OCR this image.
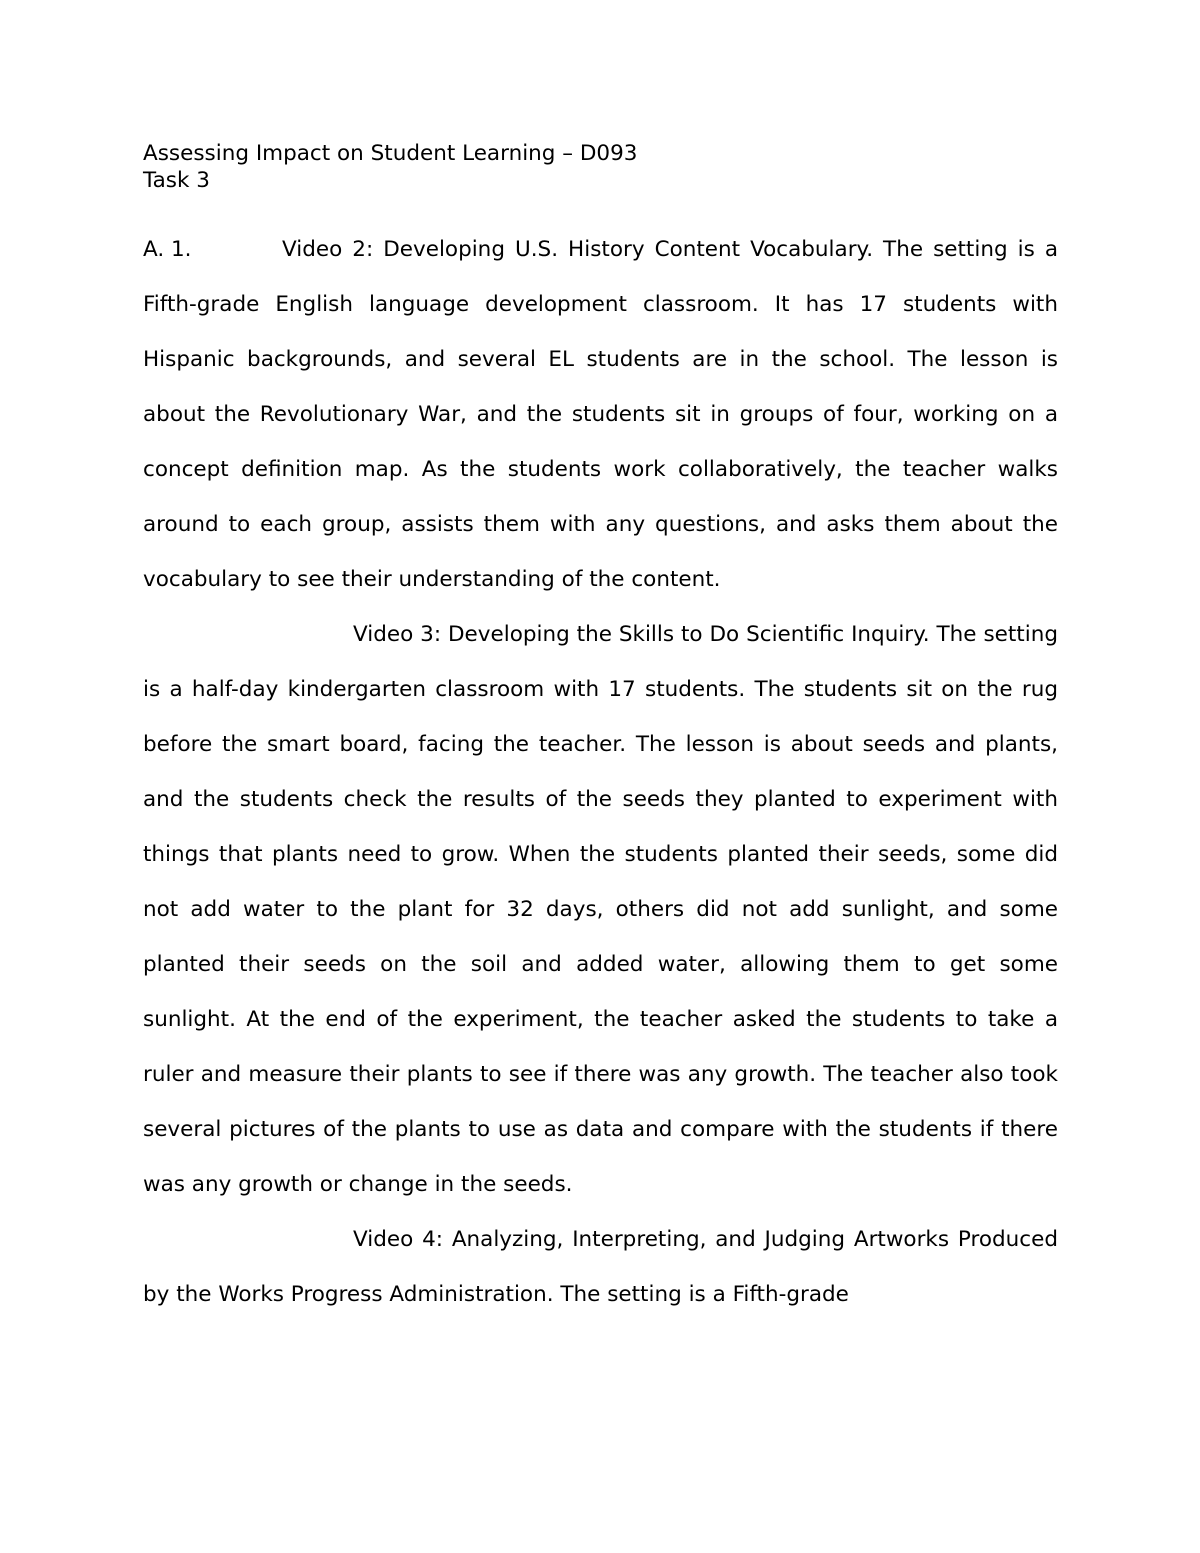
Assessing Impact on Student Learning – D093
Task 3

A. 1.	Video 2: Developing U.S. History Content Vocabulary. The setting is a Fifth-grade English language development classroom. It has 17 students with Hispanic backgrounds, and several EL students are in the school. The lesson is about the Revolutionary War, and the students sit in groups of four, working on a concept definition map. As the students work collaboratively, the teacher walks around to each group, assists them with any questions, and asks them about the vocabulary to see their understanding of the content.

Video 3: Developing the Skills to Do Scientific Inquiry. The setting is a half-day kindergarten classroom with 17 students. The students sit on the rug before the smart board, facing the teacher. The lesson is about seeds and plants, and the students check the results of the seeds they planted to experiment with things that plants need to grow. When the students planted their seeds, some did not add water to the plant for 32 days, others did not add sunlight, and some planted their seeds on the soil and added water, allowing them to get some sunlight. At the end of the experiment, the teacher asked the students to take a ruler and measure their plants to see if there was any growth. The teacher also took several pictures of the plants to use as data and compare with the students if there was any growth or change in the seeds.

Video 4: Analyzing, Interpreting, and Judging Artworks Produced by the Works Progress Administration. The setting is a Fifth-grade
